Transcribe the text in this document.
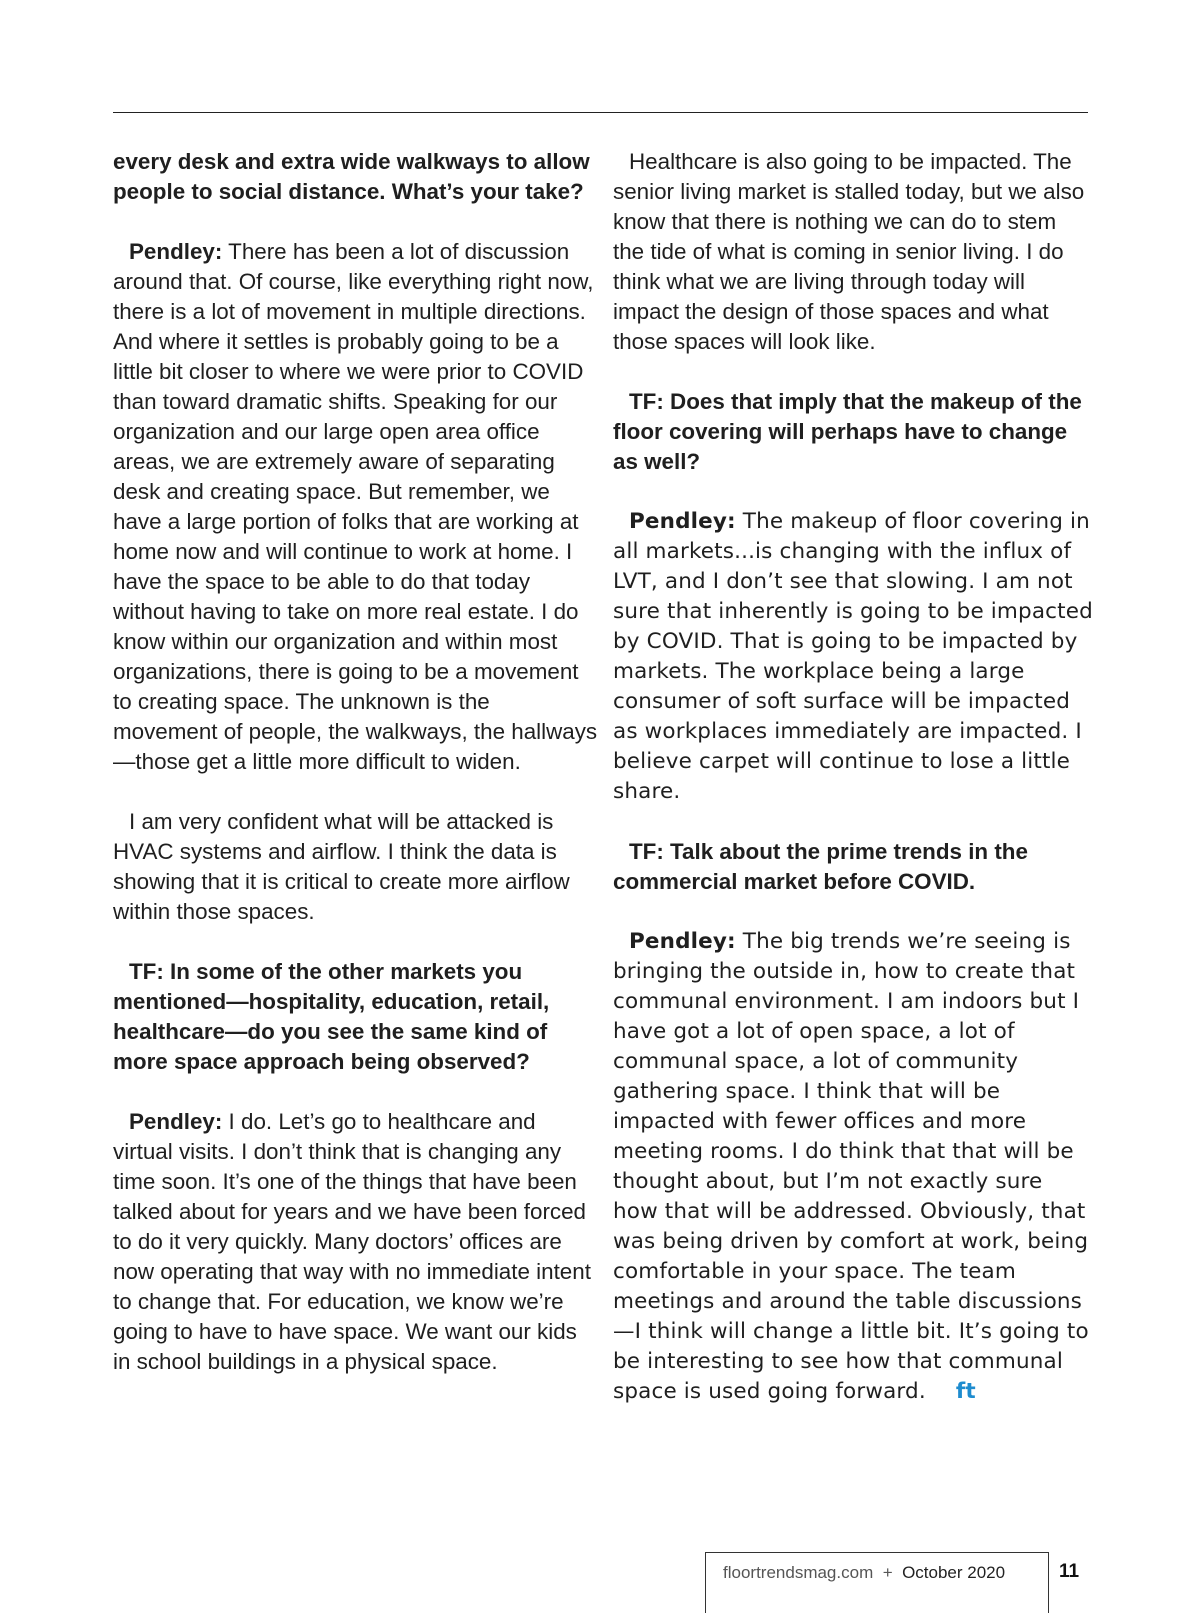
every desk and extra wide walkways to allow people to social distance. What’s your take?

Pendley: There has been a lot of discussion around that. Of course, like everything right now, there is a lot of movement in multiple directions. And where it settles is probably going to be a little bit closer to where we were prior to COVID than toward dramatic shifts. Speaking for our organization and our large open area office areas, we are extremely aware of separating desk and creating space. But remember, we have a large portion of folks that are working at home now and will continue to work at home. I have the space to be able to do that today without having to take on more real estate. I do know within our organization and within most organizations, there is going to be a movement to creating space. The unknown is the movement of people, the walkways, the hallways—those get a little more difficult to widen.

I am very confident what will be attacked is HVAC systems and airflow. I think the data is showing that it is critical to create more airflow within those spaces.

TF: In some of the other markets you mentioned—hospitality, education, retail, healthcare—do you see the same kind of more space approach being observed?

Pendley: I do. Let’s go to healthcare and virtual visits. I don’t think that is changing any time soon. It’s one of the things that have been talked about for years and we have been forced to do it very quickly. Many doctors’ offices are now operating that way with no immediate intent to change that. For education, we know we’re going to have to have space. We want our kids in school buildings in a physical space.

Healthcare is also going to be impacted. The senior living market is stalled today, but we also know that there is nothing we can do to stem the tide of what is coming in senior living. I do think what we are living through today will impact the design of those spaces and what those spaces will look like.

TF: Does that imply that the makeup of the floor covering will perhaps have to change as well?

Pendley: The makeup of floor covering in all markets...is changing with the influx of LVT, and I don’t see that slowing. I am not sure that inherently is going to be impacted by COVID. That is going to be impacted by markets. The workplace being a large consumer of soft surface will be impacted as workplaces immediately are impacted. I believe carpet will continue to lose a little share.

TF: Talk about the prime trends in the commercial market before COVID.

Pendley: The big trends we’re seeing is bringing the outside in, how to create that communal environment. I am indoors but I have got a lot of open space, a lot of communal space, a lot of community gathering space. I think that will be impacted with fewer offices and more meeting rooms. I do think that that will be thought about, but I’m not exactly sure how that will be addressed. Obviously, that was being driven by comfort at work, being comfortable in your space. The team meetings and around the table discussions—I think will change a little bit. It’s going to be interesting to see how that communal space is used going forward. ft

floortrendsmag.com + October 2020	11
